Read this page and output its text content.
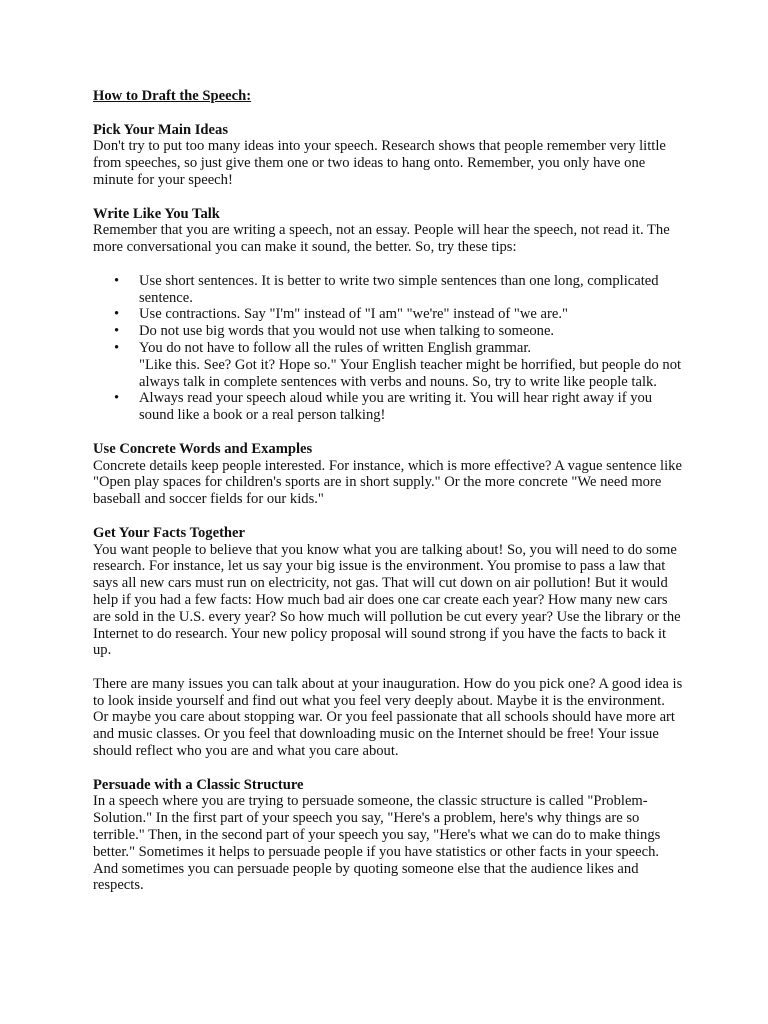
How to Draft the Speech:

Pick Your Main Ideas

Don't try to put too many ideas into your speech. Research shows that people remember very little from speeches, so just give them one or two ideas to hang onto. Remember, you only have one minute for your speech!

Write Like You Talk

Remember that you are writing a speech, not an essay. People will hear the speech, not read it. The more conversational you can make it sound, the better. So, try these tips:

• Use short sentences. It is better to write two simple sentences than one long, complicated sentence.
• Use contractions. Say "I'm" instead of "I am" "we're" instead of "we are."
• Do not use big words that you would not use when talking to someone.
• You do not have to follow all the rules of written English grammar.
"Like this. See? Got it? Hope so." Your English teacher might be horrified, but people do not always talk in complete sentences with verbs and nouns. So, try to write like people talk.
• Always read your speech aloud while you are writing it. You will hear right away if you sound like a book or a real person talking!

Use Concrete Words and Examples

Concrete details keep people interested. For instance, which is more effective? A vague sentence like "Open play spaces for children's sports are in short supply." Or the more concrete "We need more baseball and soccer fields for our kids."

Get Your Facts Together

You want people to believe that you know what you are talking about! So, you will need to do some research. For instance, let us say your big issue is the environment. You promise to pass a law that says all new cars must run on electricity, not gas. That will cut down on air pollution! But it would help if you had a few facts: How much bad air does one car create each year? How many new cars are sold in the U.S. every year? So how much will pollution be cut every year? Use the library or the Internet to do research. Your new policy proposal will sound strong if you have the facts to back it up.

There are many issues you can talk about at your inauguration. How do you pick one? A good idea is to look inside yourself and find out what you feel very deeply about. Maybe it is the environment. Or maybe you care about stopping war. Or you feel passionate that all schools should have more art and music classes. Or you feel that downloading music on the Internet should be free! Your issue should reflect who you are and what you care about.

Persuade with a Classic Structure

In a speech where you are trying to persuade someone, the classic structure is called "Problem-Solution." In the first part of your speech you say, "Here's a problem, here's why things are so terrible." Then, in the second part of your speech you say, "Here's what we can do to make things better." Sometimes it helps to persuade people if you have statistics or other facts in your speech. And sometimes you can persuade people by quoting someone else that the audience likes and respects.
